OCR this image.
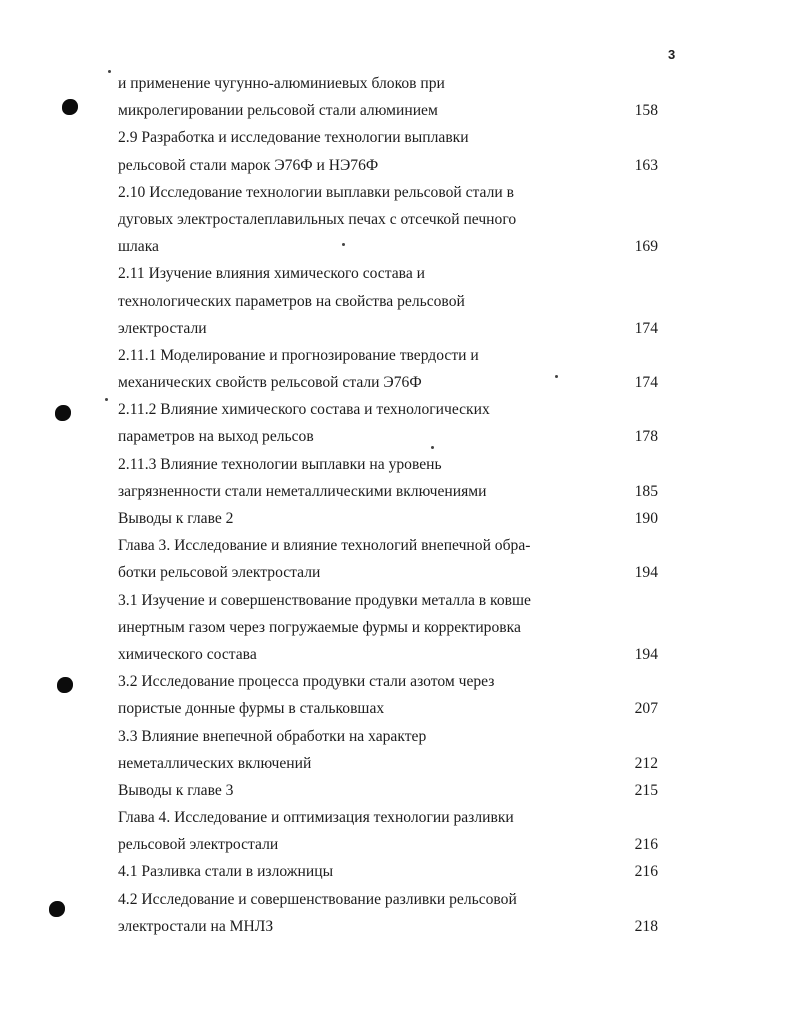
3
и применение чугунно-алюминиевых блоков при
микролегировании рельсовой стали алюминием	158
2.9 Разработка и исследование технологии выплавки
рельсовой стали марок Э76Ф и НЭ76Ф	163
2.10 Исследование технологии выплавки рельсовой стали в
дуговых электросталеплавильных печах с отсечкой печного
шлака	169
2.11 Изучение влияния химического состава и
технологических параметров на свойства рельсовой
электростали	174
2.11.1 Моделирование и прогнозирование твердости и
механических свойств рельсовой стали Э76Ф	174
2.11.2 Влияние химического состава и технологических
параметров на выход рельсов	178
2.11.3 Влияние технологии выплавки на уровень
загрязненности стали неметаллическими включениями	185
Выводы к главе 2	190
Глава 3. Исследование и влияние технологий внепечной обра-
ботки рельсовой электростали	194
3.1 Изучение и совершенствование продувки металла в ковше
инертным газом через погружаемые фурмы и корректировка
химического состава	194
3.2 Исследование процесса продувки стали азотом через
пористые донные фурмы в стальковшах	207
3.3 Влияние внепечной обработки на характер
неметаллических включений	212
Выводы к главе 3	215
Глава 4. Исследование и оптимизация технологии разливки
рельсовой электростали	216
4.1 Разливка стали в изложницы	216
4.2 Исследование и совершенствование разливки рельсовой
электростали на МНЛЗ	218
